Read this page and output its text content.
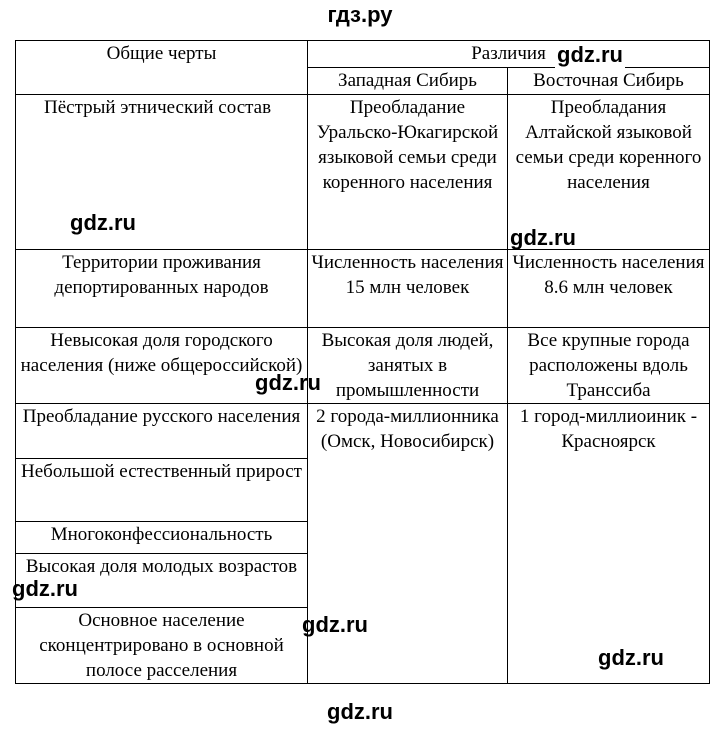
гдз.ру
Общие черты	Различия	
	Западная Сибирь	Восточная Сибирь
Пёстрый этнический состав	Преобладание Уральско-Юкагирской языковой семьи среди коренного населения	Преобладания Алтайской языковой семьи среди коренного населения
Территории проживания депортированных народов	Численность населения 15 млн человек	Численность населения 8.6 млн человек
Невысокая доля городского населения (ниже общероссийской)	Высокая доля людей, занятых в промышленности	Все крупные города расположены вдоль Транссиба
Преобладание русского населения	2 города-миллионника (Омск, Новосибирск)	1 город-миллиоиник - Красноярск
Небольшой естественный прирост		
Многоконфессиональность		
Высокая доля молодых возрастов		
Основное население сконцентрировано в основной полосе расселения		
gdz.ru
gdz.ru
gdz.ru
gdz.ru
gdz.ru
gdz.ru
gdz.ru
gdz.ru
